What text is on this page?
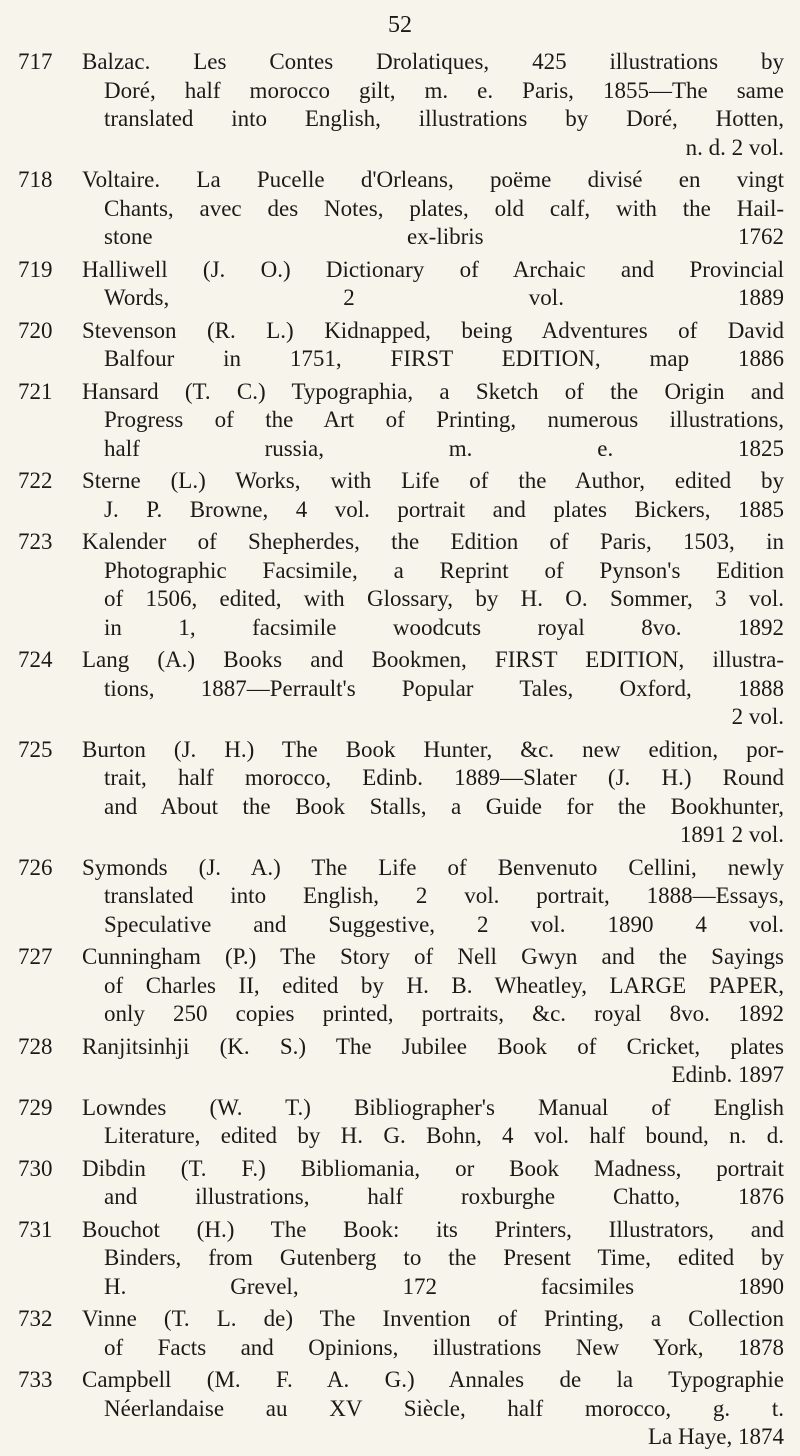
52
717	Balzac. Les Contes Drolatiques, 425 illustrations by
Doré, half morocco gilt, m. e. Paris, 1855—The same
translated into English, illustrations by Doré, Hotten,
n. d. 2 vol.
718	Voltaire. La Pucelle d'Orleans, poëme divisé en vingt
Chants, avec des Notes, plates, old calf, with the Hail-
stone ex-libris 1762
719	Halliwell (J. O.) Dictionary of Archaic and Provincial
Words, 2 vol. 1889
720	Stevenson (R. L.) Kidnapped, being Adventures of David
Balfour in 1751, FIRST EDITION, map 1886
721	Hansard (T. C.) Typographia, a Sketch of the Origin and
Progress of the Art of Printing, numerous illustrations,
half russia, m. e. 1825
722	Sterne (L.) Works, with Life of the Author, edited by
J. P. Browne, 4 vol. portrait and plates Bickers, 1885
723	Kalender of Shepherdes, the Edition of Paris, 1503, in
Photographic Facsimile, a Reprint of Pynson's Edition
of 1506, edited, with Glossary, by H. O. Sommer, 3 vol.
in 1, facsimile woodcuts royal 8vo. 1892
724	Lang (A.) Books and Bookmen, FIRST EDITION, illustra-
tions, 1887—Perrault's Popular Tales, Oxford, 1888
2 vol.
725	Burton (J. H.) The Book Hunter, &c. new edition, por-
trait, half morocco, Edinb. 1889—Slater (J. H.) Round
and About the Book Stalls, a Guide for the Bookhunter,
1891 2 vol.
726	Symonds (J. A.) The Life of Benvenuto Cellini, newly
translated into English, 2 vol. portrait, 1888—Essays,
Speculative and Suggestive, 2 vol. 1890 4 vol.
727	Cunningham (P.) The Story of Nell Gwyn and the Sayings
of Charles II, edited by H. B. Wheatley, LARGE PAPER,
only 250 copies printed, portraits, &c. royal 8vo. 1892
728	Ranjitsinhji (K. S.) The Jubilee Book of Cricket, plates
Edinb. 1897
729	Lowndes (W. T.) Bibliographer's Manual of English
Literature, edited by H. G. Bohn, 4 vol. half bound, n. d.
730	Dibdin (T. F.) Bibliomania, or Book Madness, portrait
and illustrations, half roxburghe Chatto, 1876
731	Bouchot (H.) The Book: its Printers, Illustrators, and
Binders, from Gutenberg to the Present Time, edited by
H. Grevel, 172 facsimiles 1890
732	Vinne (T. L. de) The Invention of Printing, a Collection
of Facts and Opinions, illustrations New York, 1878
733	Campbell (M. F. A. G.) Annales de la Typographie
Néerlandaise au XV Siècle, half morocco, g. t.
La Haye, 1874
